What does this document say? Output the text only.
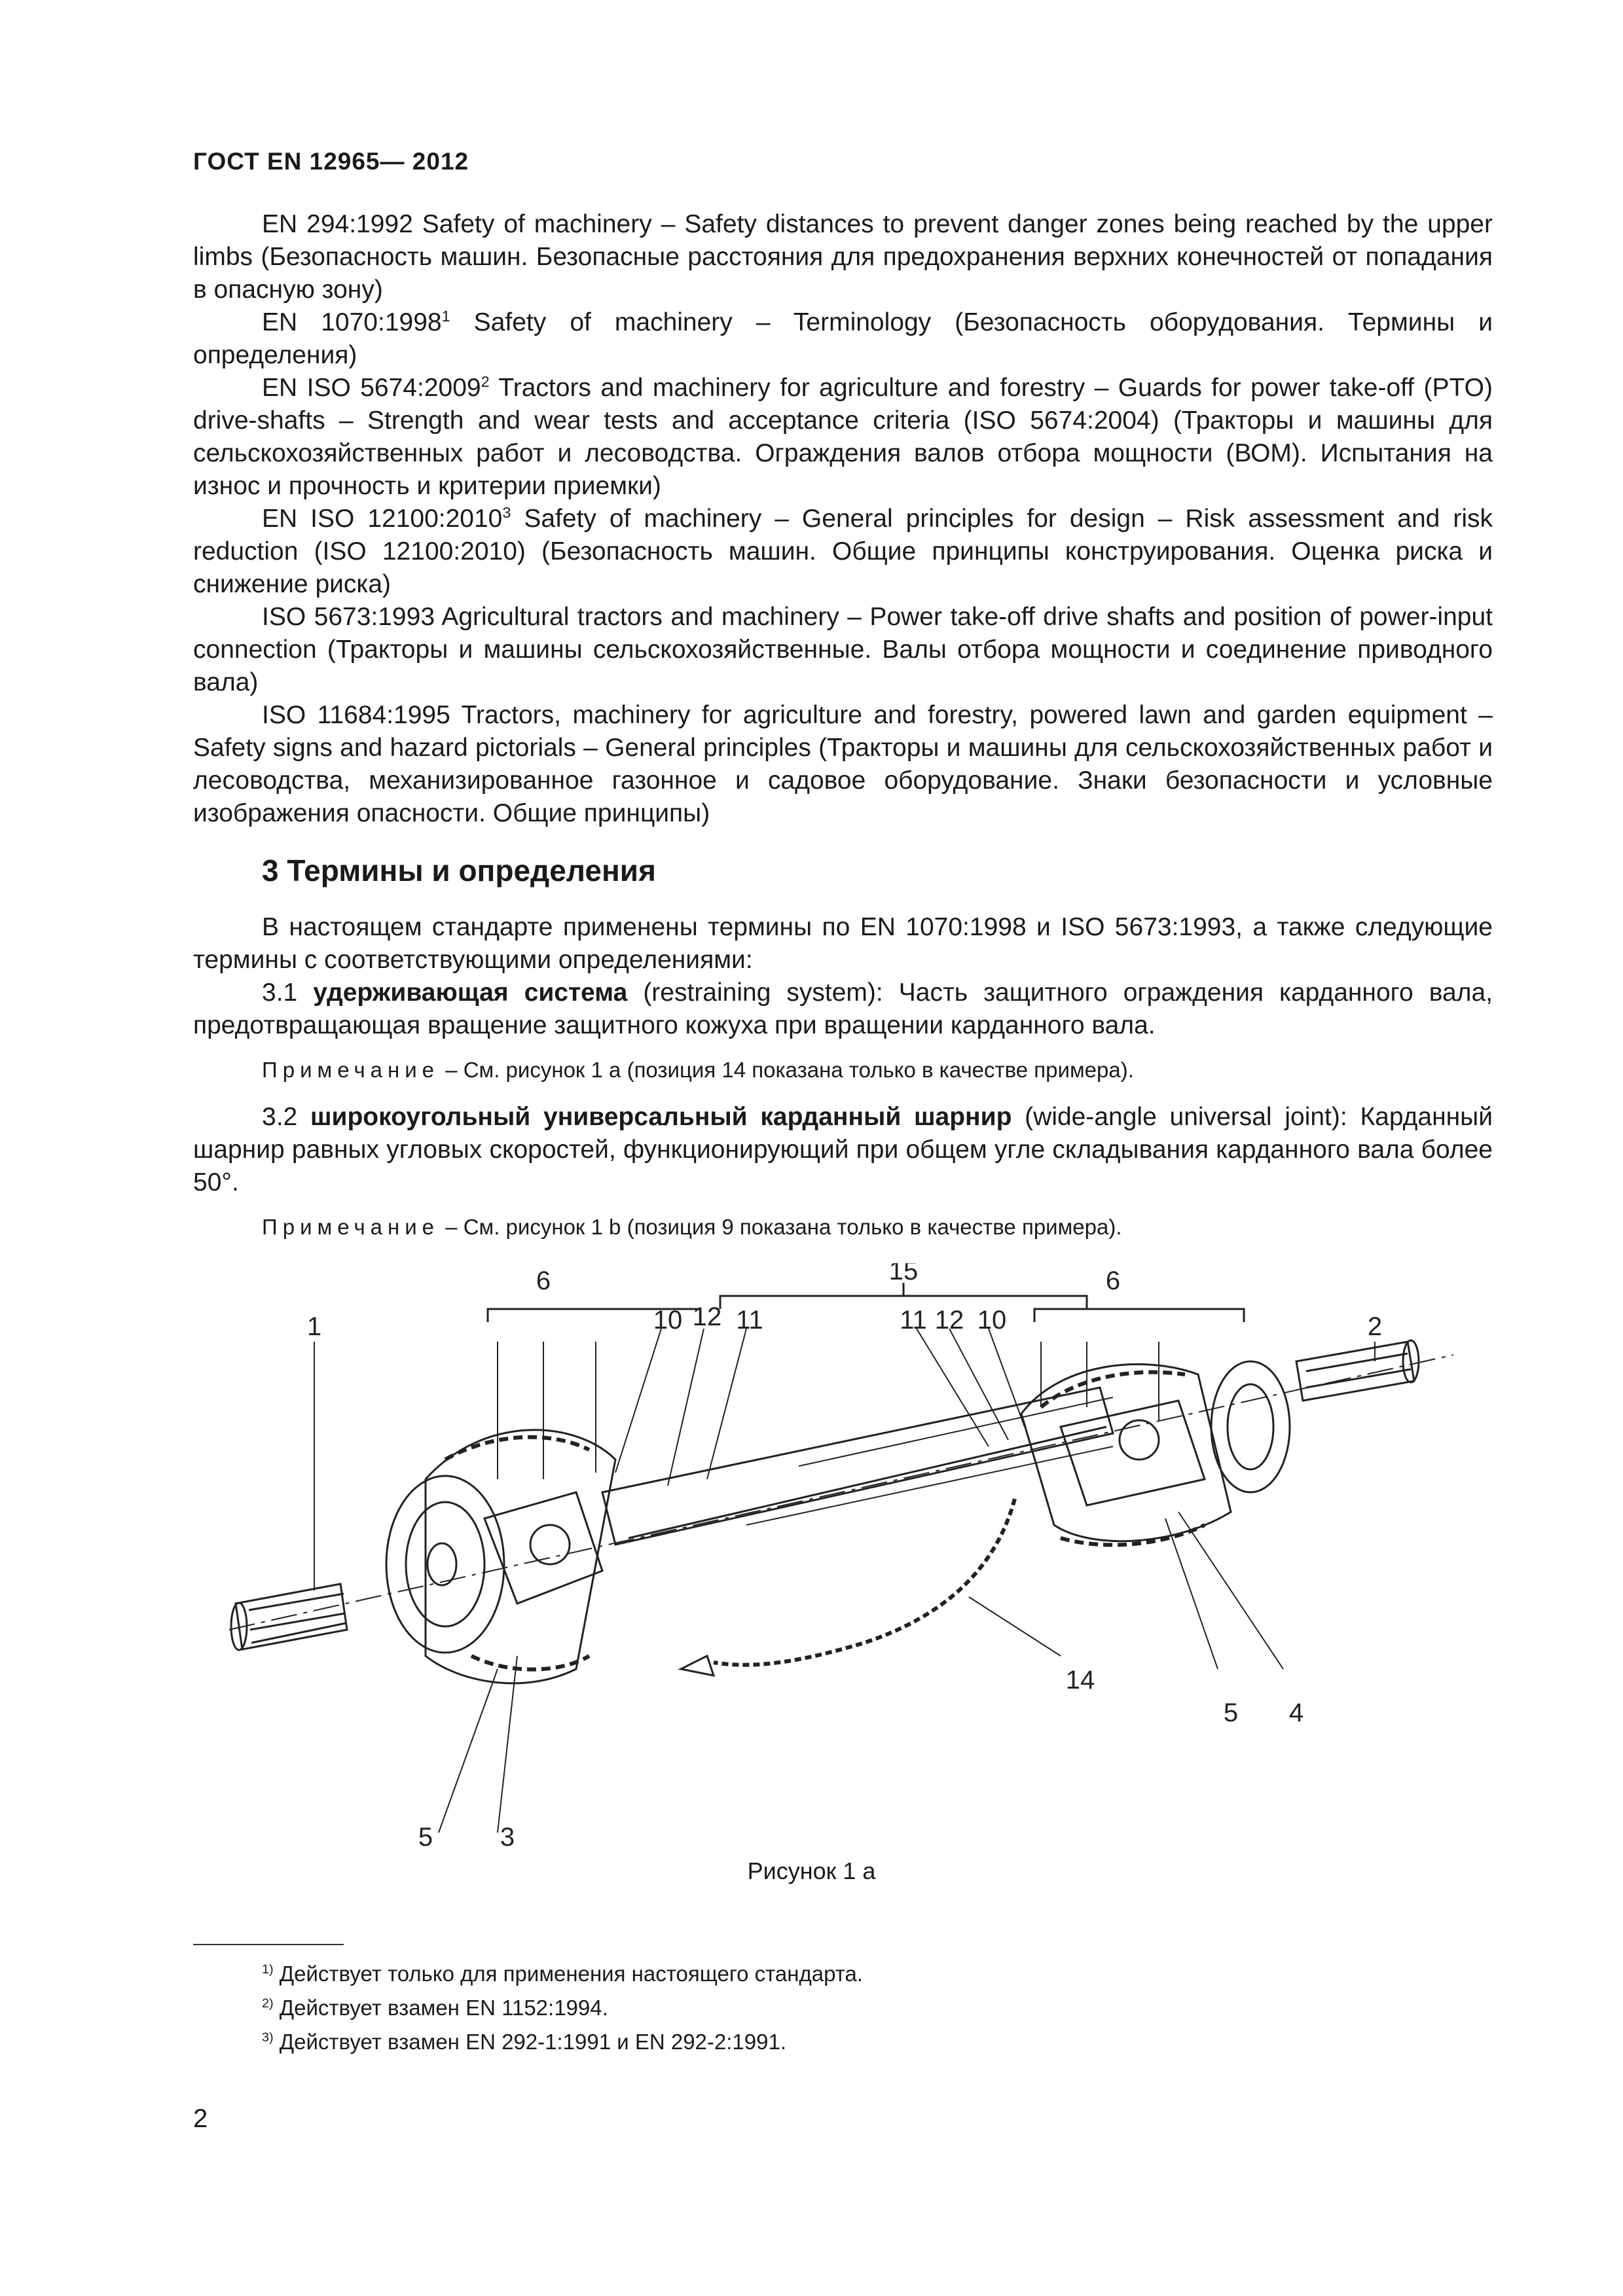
ГОСТ EN 12965— 2012

EN 294:1992 Safety of machinery – Safety distances to prevent danger zones being reached by the upper limbs (Безопасность машин. Безопасные расстояния для предохранения верхних конечностей от попадания в опасную зону)

EN 1070:1998$^1$ Safety of machinery – Terminology (Безопасность оборудования. Термины и определения)

EN ISO 5674:2009$^2$ Tractors and machinery for agriculture and forestry – Guards for power take-off (PTO) drive-shafts – Strength and wear tests and acceptance criteria (ISO 5674:2004) (Тракторы и машины для сельскохозяйственных работ и лесоводства. Ограждения валов отбора мощности (ВОМ). Испытания на износ и прочность и критерии приемки)

EN ISO 12100:2010$^3$ Safety of machinery – General principles for design – Risk assessment and risk reduction (ISO 12100:2010) (Безопасность машин. Общие принципы конструирования. Оценка риска и снижение риска)

ISO 5673:1993 Agricultural tractors and machinery – Power take-off drive shafts and position of power-input connection (Тракторы и машины сельскохозяйственные. Валы отбора мощности и соединение приводного вала)

ISO 11684:1995 Tractors, machinery for agriculture and forestry, powered lawn and garden equipment – Safety signs and hazard pictorials – General principles (Тракторы и машины для сельскохозяйственных работ и лесоводства, механизированное газонное и садовое оборудование. Знаки безопасности и условные изображения опасности. Общие принципы)

3 Термины и определения

В настоящем стандарте применены термины по EN 1070:1998 и ISO 5673:1993, а также следующие термины с соответствующими определениями:

3.1 удерживающая система (restraining system): Часть защитного ограждения карданного вала, предотвращающая вращение защитного кожуха при вращении карданного вала.

Примечание – См. рисунок 1 а (позиция 14 показана только в качестве примера).

3.2 широкоугольный универсальный карданный шарнир (wide-angle universal joint): Карданный шарнир равных угловых скоростей, функционирующий при общем угле складывания карданного вала более 50°.

Примечание – См. рисунок 1 b (позиция 9 показана только в качестве примера).

1	2
3
4
5
5
6	6
10 12 11	11 12 10
14
15
Рисунок 1 а
$^{1)}$ Действует только для применения настоящего стандарта.
$^{2)}$ Действует взамен EN 1152:1994.
$^{3)}$ Действует взамен EN 292-1:1991 и EN 292-2:1991.
2
